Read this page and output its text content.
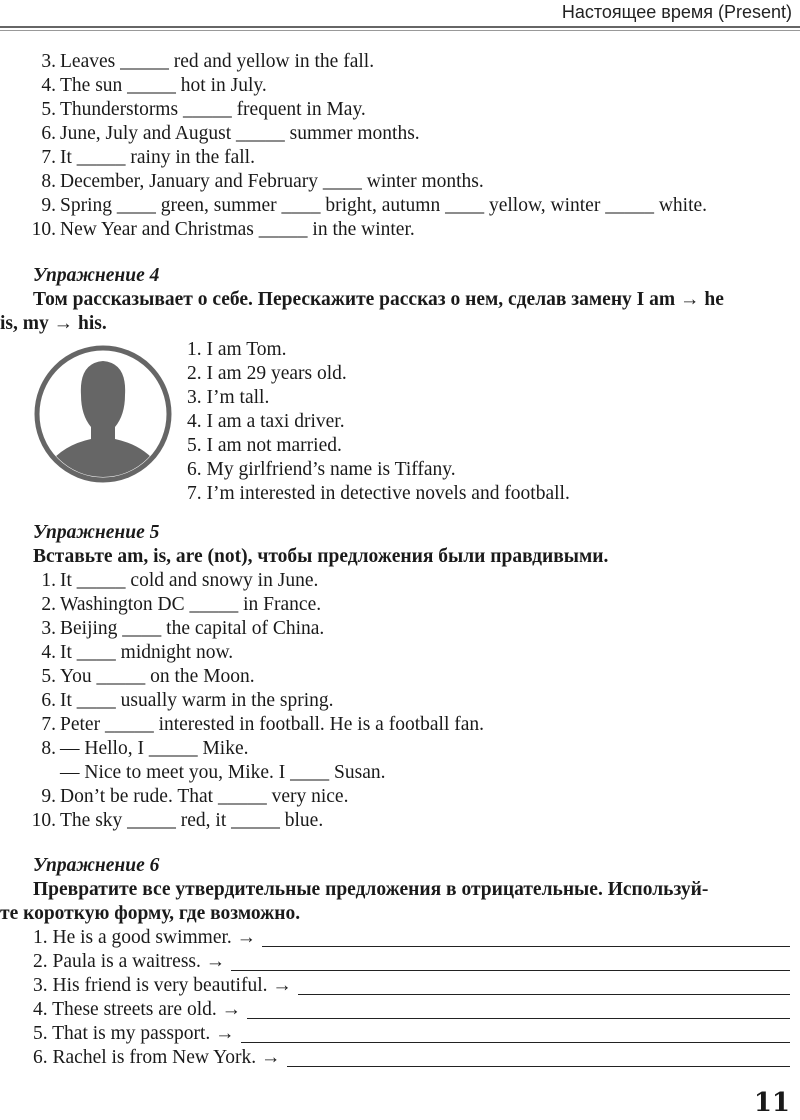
Настоящее время (Present)
3. Leaves _____ red and yellow in the fall.
4. The sun _____ hot in July.
5. Thunderstorms _____ frequent in May.
6. June, July and August _____ summer months.
7. It _____ rainy in the fall.
8. December, January and February ____ winter months.
9. Spring ____ green, summer ____ bright, autumn ____ yellow, winter _____ white.
10. New Year and Christmas _____ in the winter.
Упражнение 4
Том рассказывает о себе. Перескажите рассказ о нем, сделав замену I am → he
is, my → his.
1. I am Tom.
2. I am 29 years old.
3. I’m tall.
4. I am a taxi driver.
5. I am not married.
6. My girlfriend’s name is Tiffany.
7. I’m interested in detective novels and football.
Упражнение 5
Вставьте am, is, are (not), чтобы предложения были правдивыми.
1. It _____ cold and snowy in June.
2. Washington DC _____ in France.
3. Beijing ____ the capital of China.
4. It ____ midnight now.
5. You _____ on the Moon.
6. It ____ usually warm in the spring.
7. Peter _____ interested in football. He is a football fan.
8. — Hello, I _____ Mike.
— Nice to meet you, Mike. I ____ Susan.
9. Don’t be rude. That _____ very nice.
10. The sky _____ red, it _____ blue.
Упражнение 6
Превратите все утвердительные предложения в отрицательные. Используй-
те короткую форму, где возможно.
1. He is a good swimmer. →
2. Paula is a waitress. →
3. His friend is very beautiful. →
4. These streets are old. →
5. That is my passport. →
6. Rachel is from New York. →
11
